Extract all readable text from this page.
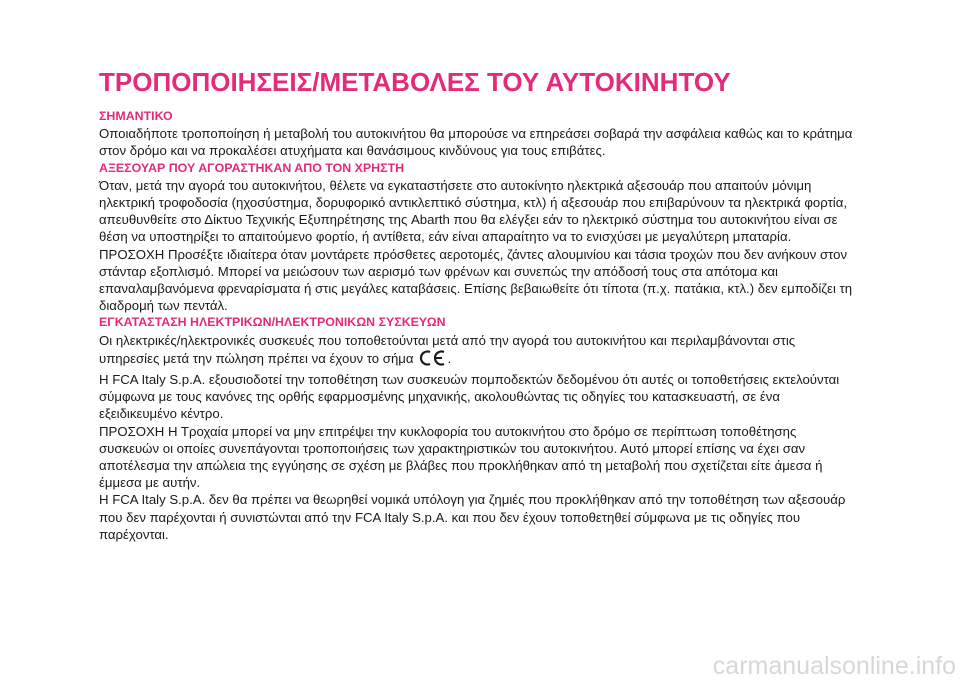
ΤΡΟΠΟΠΟΙΗΣΕΙΣ/ΜΕΤΑΒΟΛΕΣ ΤΟΥ ΑΥΤΟΚΙΝΗΤΟΥ
ΣΗΜΑΝΤΙΚΟ

Οποιαδήποτε τροποποίηση ή μεταβολή του αυτοκινήτου θα μπορούσε να επηρεάσει σοβαρά την ασφάλεια καθώς και το κράτημα στον δρόμο και να προκαλέσει ατυχήματα και θανάσιμους κινδύνους για τους επιβάτες.

ΑΞΕΣΟΥΑΡ ΠΟΥ ΑΓΟΡΑΣΤΗΚΑΝ ΑΠΟ ΤΟΝ ΧΡΗΣΤΗ

Όταν, μετά την αγορά του αυτοκινήτου, θέλετε να εγκαταστήσετε στο αυτοκίνητο ηλεκτρικά αξεσουάρ που απαιτούν μόνιμη ηλεκτρική τροφοδοσία (ηχοσύστημα, δορυφορικό αντικλεπτικό σύστημα, κτλ) ή αξεσουάρ που επιβαρύνουν τα ηλεκτρικά φορτία, απευθυνθείτε στο Δίκτυο Τεχνικής Εξυπηρέτησης της Abarth που θα ελέγξει εάν το ηλεκτρικό σύστημα του αυτοκινήτου είναι σε θέση να υποστηρίξει το απαιτούμενο φορτίο, ή αντίθετα, εάν είναι απαραίτητο να το ενισχύσει με μεγαλύτερη μπαταρία.

ΠΡΟΣΟΧΗ Προσέξτε ιδιαίτερα όταν μοντάρετε πρόσθετες αεροτομές, ζάντες αλουμινίου και τάσια τροχών που δεν ανήκουν στον στάνταρ εξοπλισμό. Μπορεί να μειώσουν των αερισμό των φρένων και συνεπώς την απόδοσή τους στα απότομα και επαναλαμβανόμενα φρεναρίσματα ή στις μεγάλες καταβάσεις. Επίσης βεβαιωθείτε ότι τίποτα (π.χ. πατάκια, κτλ.) δεν εμποδίζει τη διαδρομή των πεντάλ.

ΕΓΚΑΤΑΣΤΑΣΗ ΗΛΕΚΤΡΙΚΩΝ/ΗΛΕΚΤΡΟΝΙΚΩΝ ΣΥΣΚΕΥΩΝ

Οι ηλεκτρικές/ηλεκτρονικές συσκευές που τοποθετούνται μετά από την αγορά του αυτοκινήτου και περιλαμβάνονται στις υπηρεσίες μετά την πώληση πρέπει να έχουν το σήμα	.

Η FCA Italy S.p.A. εξουσιοδοτεί την τοποθέτηση των συσκευών πομποδεκτών δεδομένου ότι αυτές οι τοποθετήσεις εκτελούνται σύμφωνα με τους κανόνες της ορθής εφαρμοσμένης μηχανικής, ακολουθώντας τις οδηγίες του κατασκευαστή, σε ένα εξειδικευμένο κέντρο.

ΠΡΟΣΟΧΗ Η Τροχαία μπορεί να μην επιτρέψει την κυκλοφορία του αυτοκινήτου στο δρόμο σε περίπτωση τοποθέτησης συσκευών οι οποίες συνεπάγονται τροποποιήσεις των χαρακτηριστικών του αυτοκινήτου. Αυτό μπορεί επίσης να έχει σαν αποτέλεσμα την απώλεια της εγγύησης σε σχέση με βλάβες που προκλήθηκαν από τη μεταβολή που σχετίζεται είτε άμεσα ή έμμεσα με αυτήν.

Η FCA Italy S.p.A. δεν θα πρέπει να θεωρηθεί νομικά υπόλογη για ζημιές που προκλήθηκαν από την τοποθέτηση των αξεσουάρ που δεν παρέχονται ή συνιστώνται από την FCA Italy S.p.A. και που δεν έχουν τοποθετηθεί σύμφωνα με τις οδηγίες που παρέχονται.

carmanualsonline.info
